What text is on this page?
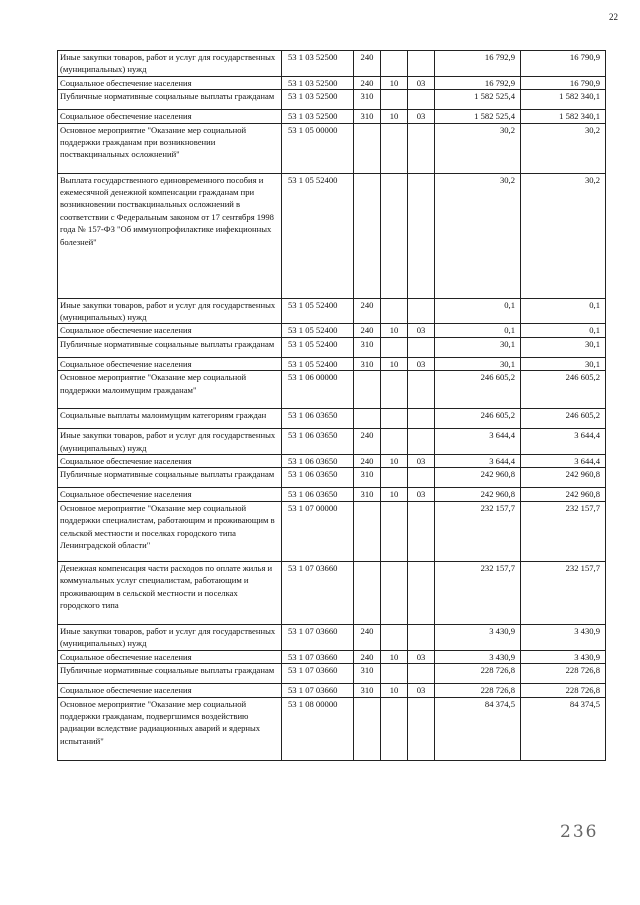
22
Иные закупки товаров, работ и услуг для государственных (муниципальных) нужд	53 1 03 52500	240			16 792,9	16 790,9
Социальное обеспечение населения	53 1 03 52500	240	10	03	16 792,9	16 790,9
Публичные нормативные социальные выплаты гражданам	53 1 03 52500	310			1 582 525,4	1 582 340,1
Социальное обеспечение населения	53 1 03 52500	310	10	03	1 582 525,4	1 582 340,1
Основное мероприятие "Оказание мер социальной поддержки гражданам при возникновении поствакцинальных осложнений"	53 1 05 00000				30,2	30,2
Выплата государственного единовременного пособия и ежемесячной денежной компенсации гражданам при возникновении поствакцинальных осложнений в соответствии с Федеральным законом от 17 сентября 1998 года № 157-ФЗ "Об иммунопрофилактике инфекционных болезней"	53 1 05 52400				30,2	30,2
Иные закупки товаров, работ и услуг для государственных (муниципальных) нужд	53 1 05 52400	240			0,1	0,1
Социальное обеспечение населения	53 1 05 52400	240	10	03	0,1	0,1
Публичные нормативные социальные выплаты гражданам	53 1 05 52400	310			30,1	30,1
Социальное обеспечение населения	53 1 05 52400	310	10	03	30,1	30,1
Основное мероприятие "Оказание мер социальной поддержки малоимущим гражданам"	53 1 06 00000				246 605,2	246 605,2
Социальные выплаты малоимущим категориям граждан	53 1 06 03650				246 605,2	246 605,2
Иные закупки товаров, работ и услуг для государственных (муниципальных) нужд	53 1 06 03650	240			3 644,4	3 644,4
Социальное обеспечение населения	53 1 06 03650	240	10	03	3 644,4	3 644,4
Публичные нормативные социальные выплаты гражданам	53 1 06 03650	310			242 960,8	242 960,8
Социальное обеспечение населения	53 1 06 03650	310	10	03	242 960,8	242 960,8
Основное мероприятие "Оказание мер социальной поддержки специалистам, работающим и проживающим в сельской местности и поселках городского типа Ленинградской области"	53 1 07 00000				232 157,7	232 157,7
Денежная компенсация части расходов по оплате жилья и коммунальных услуг специалистам, работающим и проживающим в сельской местности и поселках городского типа	53 1 07 03660				232 157,7	232 157,7
Иные закупки товаров, работ и услуг для государственных (муниципальных) нужд	53 1 07 03660	240			3 430,9	3 430,9
Социальное обеспечение населения	53 1 07 03660	240	10	03	3 430,9	3 430,9
Публичные нормативные социальные выплаты гражданам	53 1 07 03660	310			228 726,8	228 726,8
Социальное обеспечение населения	53 1 07 03660	310	10	03	228 726,8	228 726,8
Основное мероприятие "Оказание мер социальной поддержки гражданам, подвергшимся воздействию радиации вследствие радиационных аварий и ядерных испытаний"	53 1 08 00000				84 374,5	84 374,5
236
